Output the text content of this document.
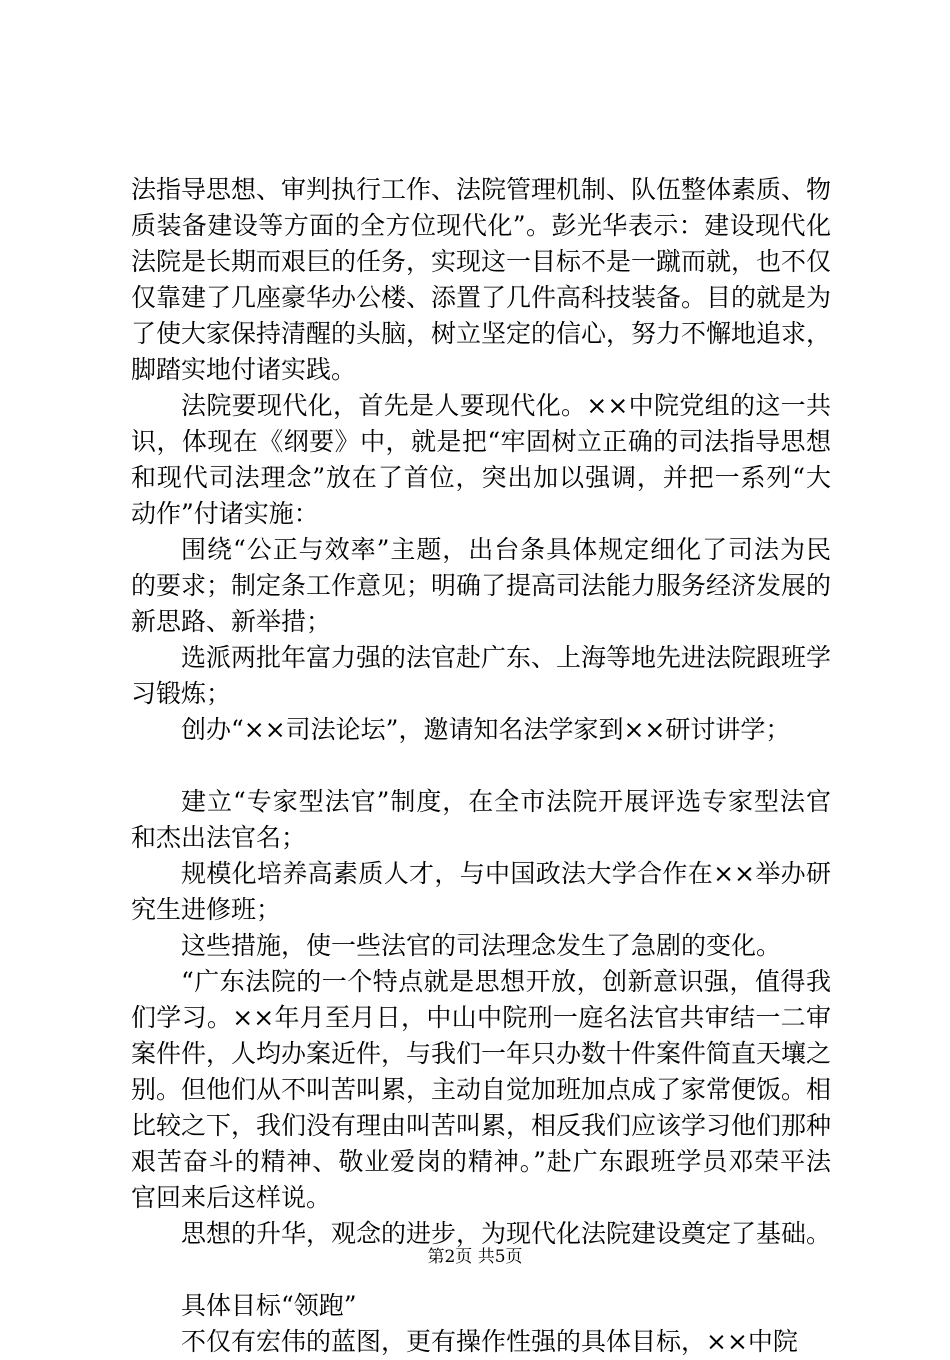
法指导思想、审判执行工作、法院管理机制、队伍整体素质、物质装备建设等方面的全方位现代化”。彭光华表示：建设现代化法院是长期而艰巨的任务，实现这一目标不是一蹴而就，也不仅仅靠建了几座豪华办公楼、添置了几件高科技装备。目的就是为了使大家保持清醒的头脑，树立坚定的信心，努力不懈地追求，脚踏实地付诸实践。

法院要现代化，首先是人要现代化。××中院党组的这一共识，体现在《纲要》中，就是把“牢固树立正确的司法指导思想和现代司法理念”放在了首位，突出加以强调，并把一系列“大动作”付诸实施：

围绕“公正与效率”主题，出台条具体规定细化了司法为民的要求；制定条工作意见；明确了提高司法能力服务经济发展的新思路、新举措；

选派两批年富力强的法官赴广东、上海等地先进法院跟班学习锻炼；

创办“××司法论坛”，邀请知名法学家到××研讨讲学；

建立“专家型法官”制度，在全市法院开展评选专家型法官和杰出法官名；

规模化培养高素质人才，与中国政法大学合作在××举办研究生进修班；

这些措施，使一些法官的司法理念发生了急剧的变化。

“广东法院的一个特点就是思想开放，创新意识强，值得我们学习。××年月至月日，中山中院刑一庭名法官共审结一二审案件件，人均办案近件，与我们一年只办数十件案件简直天壤之别。但他们从不叫苦叫累，主动自觉加班加点成了家常便饭。相比较之下，我们没有理由叫苦叫累，相反我们应该学习他们那种艰苦奋斗的精神、敬业爱岗的精神。”赴广东跟班学员邓荣平法官回来后这样说。

思想的升华，观念的进步，为现代化法院建设奠定了基础。

具体目标“领跑”

不仅有宏伟的蓝图，更有操作性强的具体目标，××中院

第2页 共5页
